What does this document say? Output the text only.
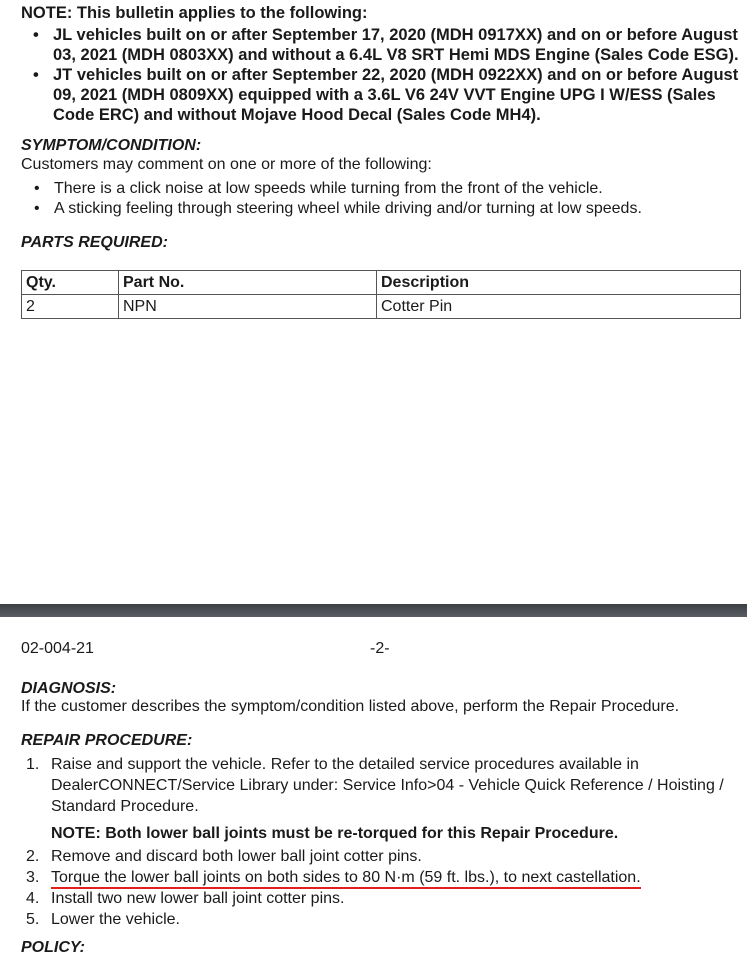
NOTE: This bulletin applies to the following:

• JL vehicles built on or after September 17, 2020 (MDH 0917XX) and on or before August 03, 2021 (MDH 0803XX) and without a 6.4L V8 SRT Hemi MDS Engine (Sales Code ESG).
• JT vehicles built on or after September 22, 2020 (MDH 0922XX) and on or before August 09, 2021 (MDH 0809XX) equipped with a 3.6L V6 24V VVT Engine UPG I W/ESS (Sales Code ERC) and without Mojave Hood Decal (Sales Code MH4).

SYMPTOM/CONDITION:

Customers may comment on one or more of the following:

• There is a click noise at low speeds while turning from the front of the vehicle.
• A sticking feeling through steering wheel while driving and/or turning at low speeds.

PARTS REQUIRED:

Qty.	Part No.	Description
2	NPN	Cotter Pin
02-004-21	-2-

DIAGNOSIS:

If the customer describes the symptom/condition listed above, perform the Repair Procedure.

REPAIR PROCEDURE:

1. Raise and support the vehicle. Refer to the detailed service procedures available in DealerCONNECT/Service Library under: Service Info>04 - Vehicle Quick Reference / Hoisting / Standard Procedure.
NOTE: Both lower ball joints must be re-torqued for this Repair Procedure.
2. Remove and discard both lower ball joint cotter pins.
3. Torque the lower ball joints on both sides to 80 N·m (59 ft. lbs.), to next castellation.
4. Install two new lower ball joint cotter pins.
5. Lower the vehicle.

POLICY:
